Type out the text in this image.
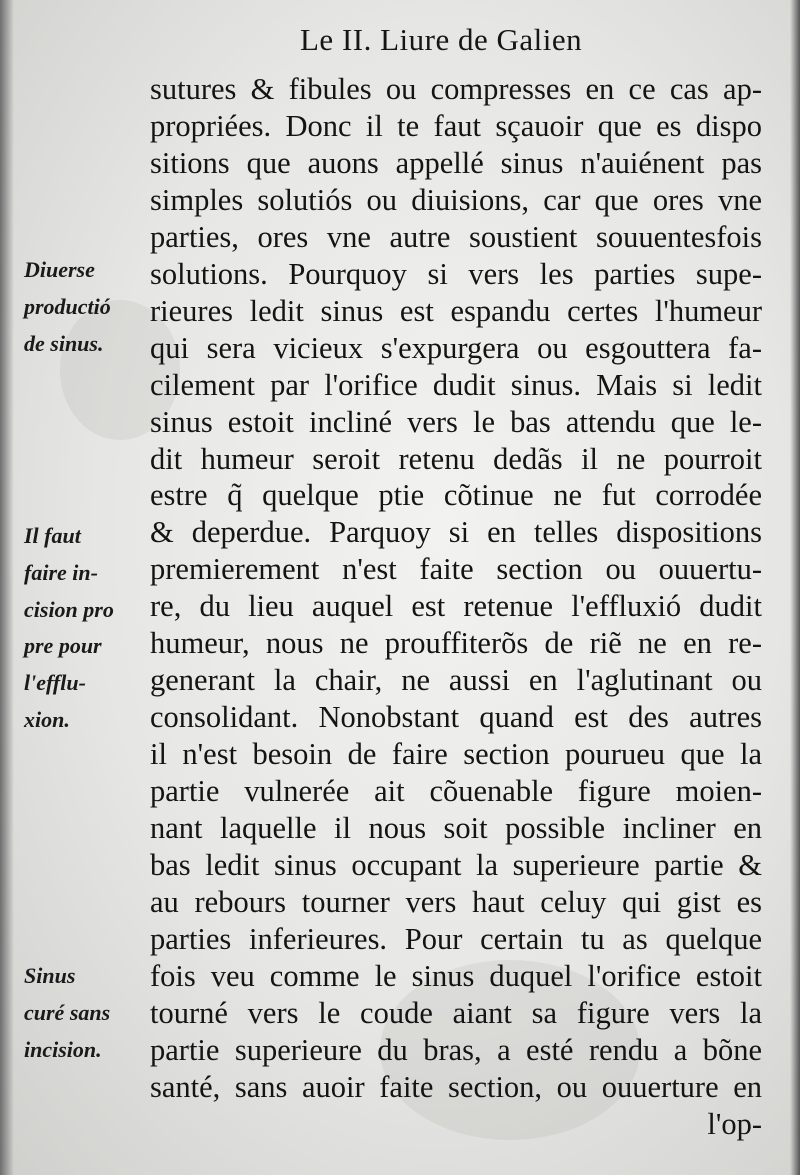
Le II. Liure de Galien
sutures & fibules ou compresses en ce cas ap-
propriées. Donc il te faut sçauoir que es dispo
sitions que auons appellé sinus n'auiénent pas
simples solutiós ou diuisions, car que ores vne
parties, ores vne autre soustient souuentesfois
solutions. Pourquoy si vers les parties supe-
rieures ledit sinus est espandu certes l'humeur
qui sera vicieux s'expurgera ou esgouttera fa-
cilement par l'orifice dudit sinus. Mais si ledit
sinus estoit incliné vers le bas attendu que le-
dit humeur seroit retenu dedãs il ne pourroit
estre q̃ quelque ptie cõtinue ne fut corrodée
& deperdue. Parquoy si en telles dispositions
premierement n'est faite section ou ouuertu-
re, du lieu auquel est retenue l'effluxió dudit
humeur, nous ne prouffiterõs de riẽ ne en re-
generant la chair, ne aussi en l'aglutinant ou
consolidant. Nonobstant quand est des autres
il n'est besoin de faire section pourueu que la
partie vulnerée ait cõuenable figure moien-
nant laquelle il nous soit possible incliner en
bas ledit sinus occupant la superieure partie &
au rebours tourner vers haut celuy qui gist es
parties inferieures. Pour certain tu as quelque
fois veu comme le sinus duquel l'orifice estoit
tourné vers le coude aiant sa figure vers la
partie superieure du bras, a esté rendu a bõne
santé, sans auoir faite section, ou ouuerture en
l'op-
Diuerse
productió
de sinus.
Il faut
faire in-
cision pro
pre pour
l'efflu-
xion.
Sinus
curé sans
incision.
